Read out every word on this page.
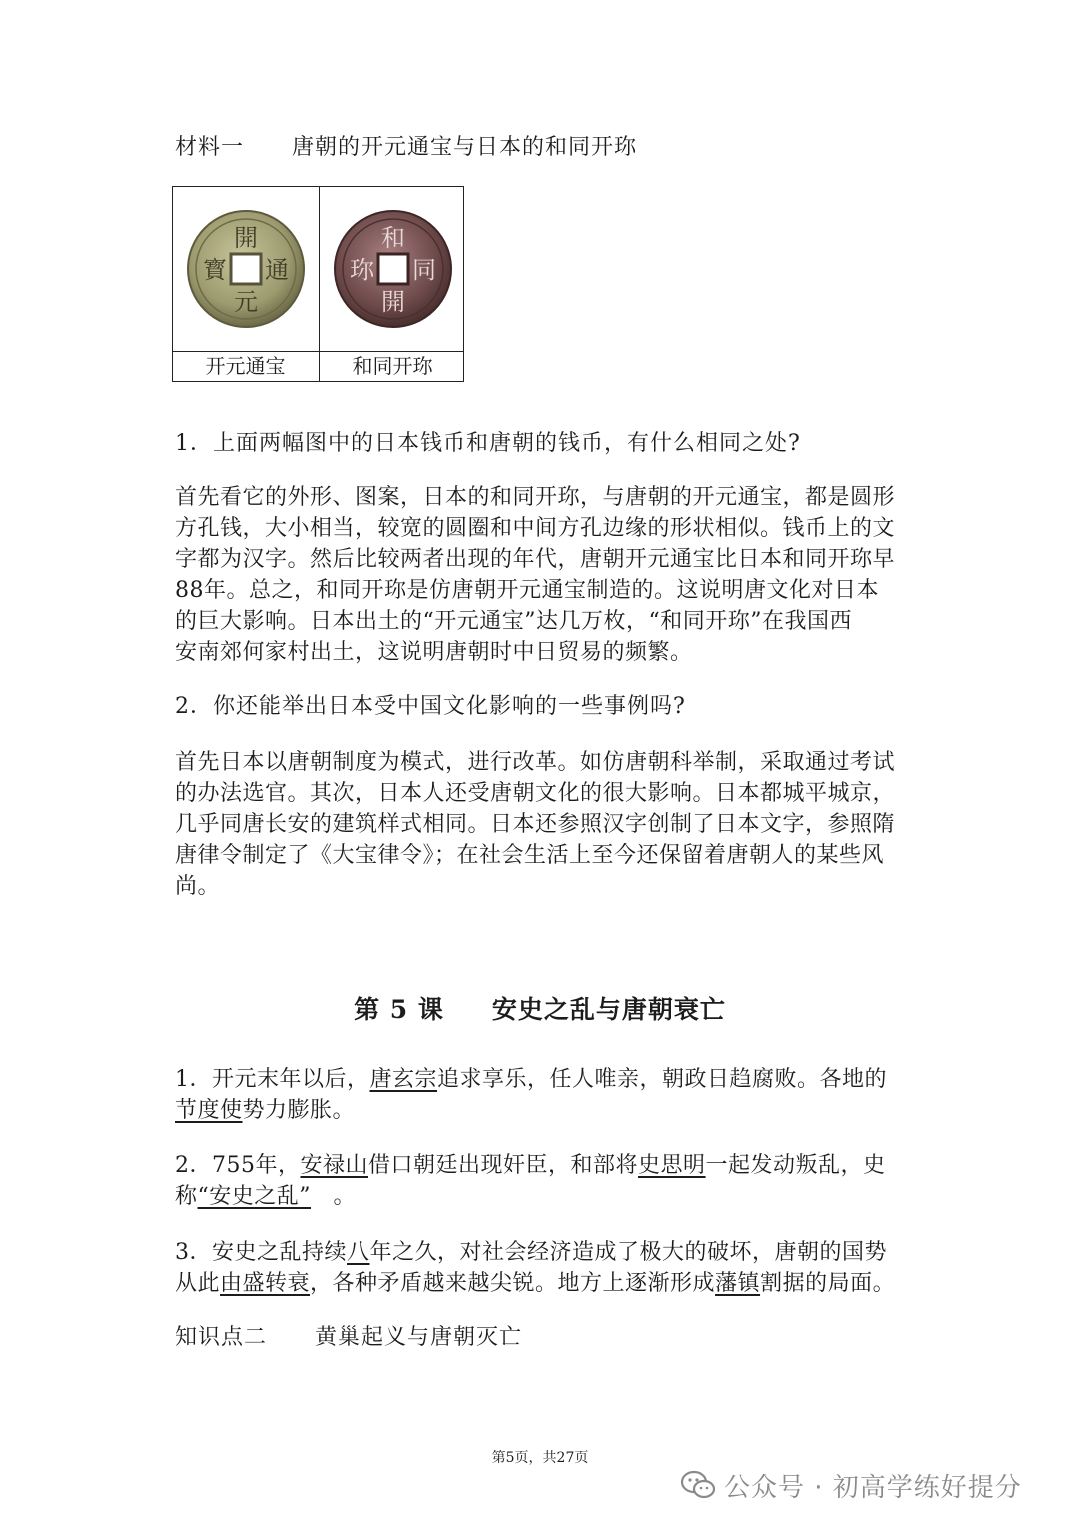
材料一 唐朝的开元通宝与日本的和同开珎
開
通
寳
元
和
同
珎
開
开元通宝	和同开珎
1．上面两幅图中的日本钱币和唐朝的钱币，有什么相同之处?

首先看它的外形、图案，日本的和同开珎，与唐朝的开元通宝，都是圆形

方孔钱，大小相当，较宽的圆圈和中间方孔边缘的形状相似。钱币上的文

字都为汉字。然后比较两者出现的年代，唐朝开元通宝比日本和同开珎早

88年。总之，和同开珎是仿唐朝开元通宝制造的。这说明唐文化对日本

的巨大影响。日本出土的“开元通宝”达几万枚，“和同开珎”在我国西

安南郊何家村出土，这说明唐朝时中日贸易的频繁。

2．你还能举出日本受中国文化影响的一些事例吗?

首先日本以唐朝制度为模式，进行改革。如仿唐朝科举制，采取通过考试

的办法选官。其次，日本人还受唐朝文化的很大影响。日本都城平城京，

几乎同唐长安的建筑样式相同。日本还参照汉字创制了日本文字，参照隋

唐律令制定了《大宝律令》；在社会生活上至今还保留着唐朝人的某些风

尚。

第 5 课 安史之乱与唐朝衰亡

1．开元末年以后，唐玄宗追求享乐，任人唯亲，朝政日趋腐败。各地的

节度使势力膨胀。

2．755年，安禄山借口朝廷出现奸臣，和部将史思明一起发动叛乱，史

称“安史之乱”　。

3．安史之乱持续八年之久，对社会经济造成了极大的破坏，唐朝的国势

从此由盛转衰，各种矛盾越来越尖锐。地方上逐渐形成藩镇割据的局面。

知识点二 黄巢起义与唐朝灭亡
第5页，共27页
公众号 · 初高学练好提分
